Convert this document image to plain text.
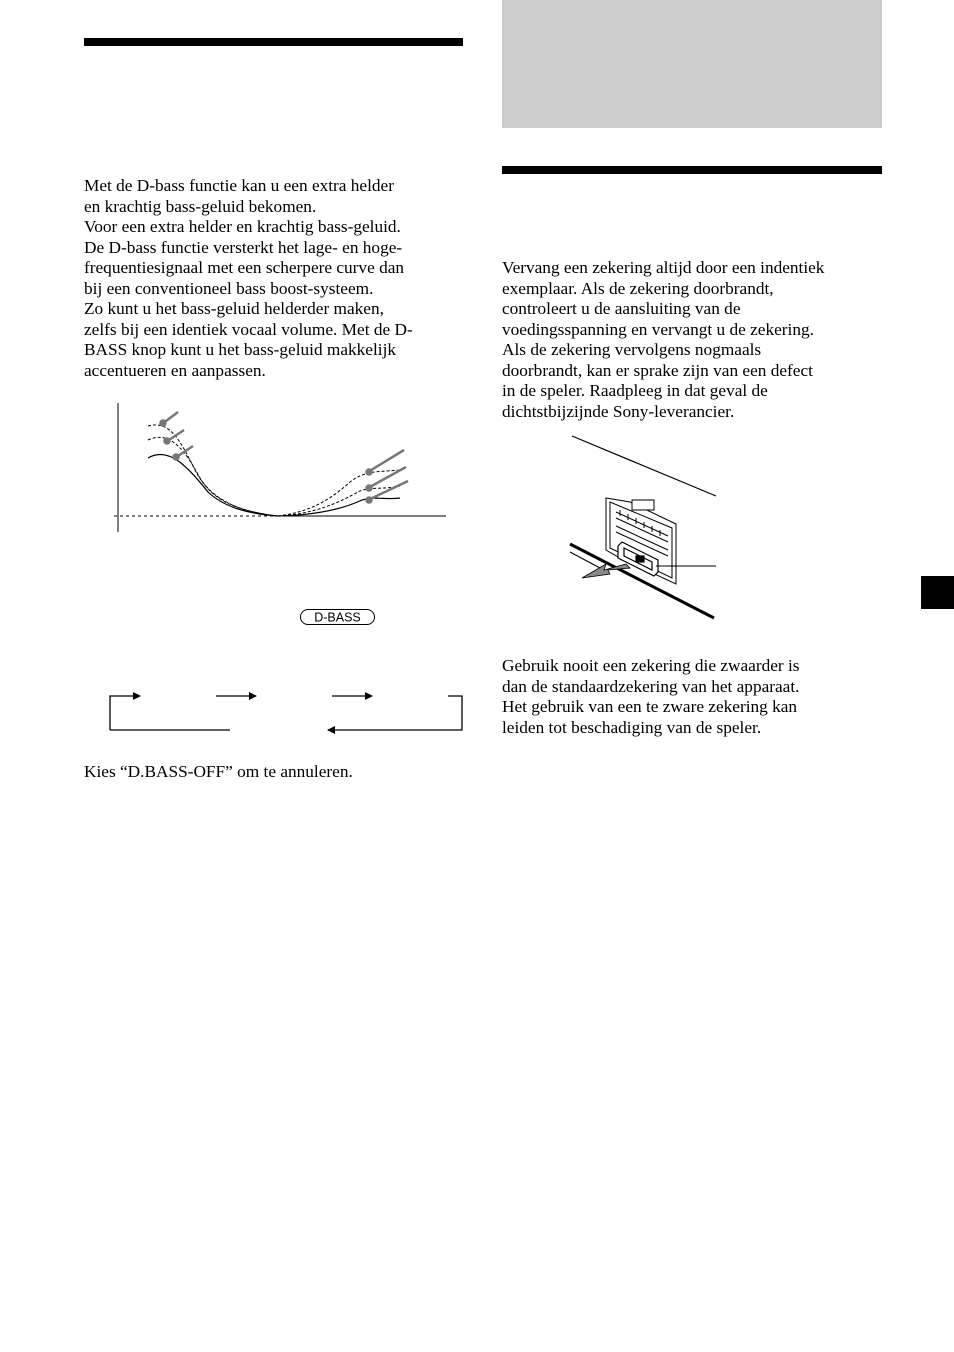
Met de D-bass functie kan u een extra helder
en krachtig bass-geluid bekomen.

Voor een extra helder en krachtig bass-geluid.
De D-bass functie versterkt het lage- en hoge-
frequentiesignaal met een scherpere curve dan
bij een conventioneel bass boost-systeem.

Zo kunt u het bass-geluid helderder maken,
zelfs bij een identiek vocaal volume. Met de D-
BASS knop kunt u het bass-geluid makkelijk
accentueren en aanpassen.

D-BASS

Kies “D.BASS-OFF” om te annuleren.

Vervang een zekering altijd door een indentiek
exemplaar. Als de zekering doorbrandt,
controleert u de aansluiting van de
voedingsspanning en vervangt u de zekering.
Als de zekering vervolgens nogmaals
doorbrandt, kan er sprake zijn van een defect
in de speler. Raadpleeg in dat geval de
dichtstbijzijnde Sony-leverancier.

Gebruik nooit een zekering die zwaarder is
dan de standaardzekering van het apparaat.
Het gebruik van een te zware zekering kan
leiden tot beschadiging van de speler.
